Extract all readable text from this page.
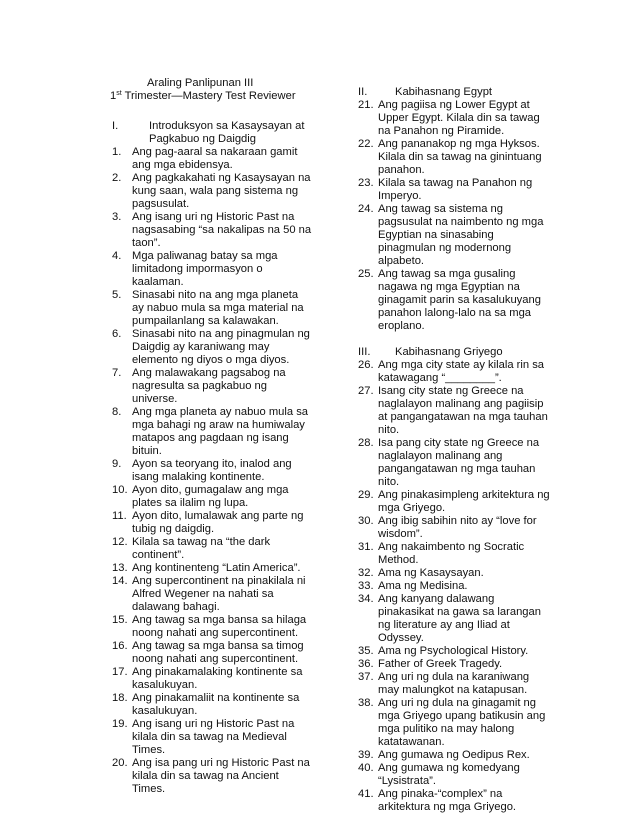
Araling Panlipunan III
1st Trimester—Mastery Test Reviewer
I.	Introduksyon sa Kasaysayan at Pagkabuo ng Daigdig
1. Ang pag-aaral sa nakaraan gamit ang mga ebidensya.
2. Ang pagkakahati ng Kasaysayan na kung saan, wala pang sistema ng pagsusulat.
3. Ang isang uri ng Historic Past na nagsasabing “sa nakalipas na 50 na taon”.
4. Mga paliwanag batay sa mga limitadong impormasyon o kaalaman.
5. Sinasabi nito na ang mga planeta ay nabuo mula sa mga material na pumpailanlang sa kalawakan.
6. Sinasabi nito na ang pinagmulan ng Daigdig ay karaniwang may elemento ng diyos o mga diyos.
7. Ang malawakang pagsabog na nagresulta sa pagkabuo ng universe.
8. Ang mga planeta ay nabuo mula sa mga bahagi ng araw na humiwalay matapos ang pagdaan ng isang bituin.
9. Ayon sa teoryang ito, inalod ang isang malaking kontinente.
10. Ayon dito, gumagalaw ang mga plates sa ilalim ng lupa.
11. Ayon dito, lumalawak ang parte ng tubig ng daigdig.
12. Kilala sa tawag na “the dark continent”.
13. Ang kontinenteng “Latin America”.
14. Ang supercontinent na pinakilala ni Alfred Wegener na nahati sa dalawang bahagi.
15. Ang tawag sa mga bansa sa hilaga noong nahati ang supercontinent.
16. Ang tawag sa mga bansa sa timog noong nahati ang supercontinent.
17. Ang pinakamalaking kontinente sa kasalukuyan.
18. Ang pinakamaliit na kontinente sa kasalukuyan.
19. Ang isang uri ng Historic Past na kilala din sa tawag na Medieval Times.
20. Ang isa pang uri ng Historic Past na kilala din sa tawag na Ancient Times.
II.	Kabihasnang Egypt
21. Ang pagiisa ng Lower Egypt at Upper Egypt. Kilala din sa tawag na Panahon ng Piramide.
22. Ang pananakop ng mga Hyksos. Kilala din sa tawag na ginintuang panahon.
23. Kilala sa tawag na Panahon ng Imperyo.
24. Ang tawag sa sistema ng pagsusulat na naimbento ng mga Egyptian na sinasabing pinagmulan ng modernong alpabeto.
25. Ang tawag sa mga gusaling nagawa ng mga Egyptian na ginagamit parin sa kasalukuyang panahon lalong-lalo na sa mga eroplano.
III.	Kabihasnang Griyego
26. Ang mga city state ay kilala rin sa katawagang “________”.
27. Isang city state ng Greece na naglalayon malinang ang pagiisip at pangangatawan na mga tauhan nito.
28. Isa pang city state ng Greece na naglalayon malinang ang pangangatawan ng mga tauhan nito.
29. Ang pinakasimpleng arkitektura ng mga Griyego.
30. Ang ibig sabihin nito ay “love for wisdom”.
31. Ang nakaimbento ng Socratic Method.
32. Ama ng Kasaysayan.
33. Ama ng Medisina.
34. Ang kanyang dalawang pinakasikat na gawa sa larangan ng literature ay ang Iliad at Odyssey.
35. Ama ng Psychological History.
36. Father of Greek Tragedy.
37. Ang uri ng dula na karaniwang may malungkot na katapusan.
38. Ang uri ng dula na ginagamit ng mga Griyego upang batikusin ang mga pulitiko na may halong katatawanan.
39. Ang gumawa ng Oedipus Rex.
40. Ang gumawa ng komedyang “Lysistrata”.
41. Ang pinaka-“complex” na arkitektura ng mga Griyego.
